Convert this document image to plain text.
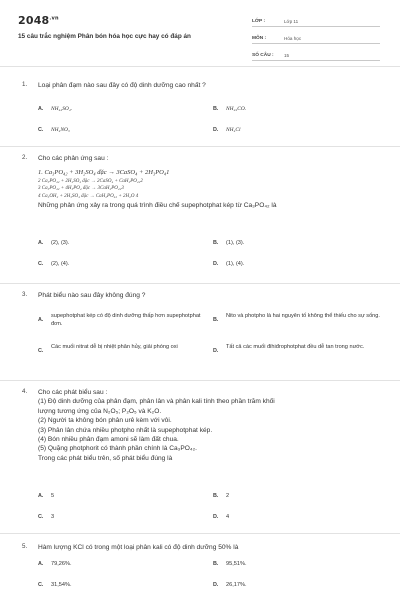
$2048^{.vn}$
15 câu trắc nghiệm Phân bón hóa học cực hay có đáp án
LỚP :	Lớp 11
MÔN :	Hóa học
SỐ CÂU :	15
1. Loại phân đạm nào sau đây có độ dinh dưỡng cao nhất ?
A.	NH₄₂SO₄.	B.	NH₂₂CO.
C.	NH₄NO₃	D.	NH₄Cl
2. Cho các phản ứng sau :
1. Ca₃PO₄₂ + 3H₂SO₄ đặc → 3CaSO₄ + 2H₃PO₄1
2 Ca₃PO₄₂ + 2H₂SO₄ đặc → 2CaSO₄ + CaH₂PO₄₂2
3 Ca₃PO₄₂ + 4H₃PO₄ đặc → 3CaH₂PO₄₂3
4 Ca₃OH₂ + 2H₃SO₄ đặc → CaH₂PO₄₂ + 2H₂O 4
Những phản ứng xảy ra trong quá trình điều chế supephotphat kép từ Ca₃PO₄₂ là
A.	(2), (3).	B.	(1), (3).
C.	(2), (4).	D.	(1), (4).
3. Phát biểu nào sau đây không đúng ?
A.
supephotphat kép có độ dinh dưỡng thấp hơn supephotphat đơn.
B.
Nito và photpho là hai nguyên tố không thể thiếu cho sự sống.
C.
Các muối nitrat dễ bị nhiệt phân hủy, giải phóng oxi
D.
Tất cả các muối đihiđrophotphat đều dễ tan trong nước.
4. Cho các phát biểu sau :
(1) Độ dinh dưỡng của phân đạm, phân lân và phân kali tính theo phần trăm khối
lượng tương ứng của N₂O₅; P₂O₅ và K₂O.
(2) Người ta không bón phân urê kèm với vôi.
(3) Phân lân chứa nhiều photpho nhất là supephotphat kép.
(4) Bón nhiều phân đạm amoni sẽ làm đất chua.
(5) Quặng photphorit có thành phần chính là Ca₃PO₄₂.
Trong các phát biểu trên, số phát biểu đúng là
A.	5	B.	2
C.	3	D.	4
5. Hàm lượng KCl có trong một loại phân kali có độ dinh dưỡng 50% là
A.	79,26%.	B.	95,51%.
C.	31,54%.	D.	26,17%.
